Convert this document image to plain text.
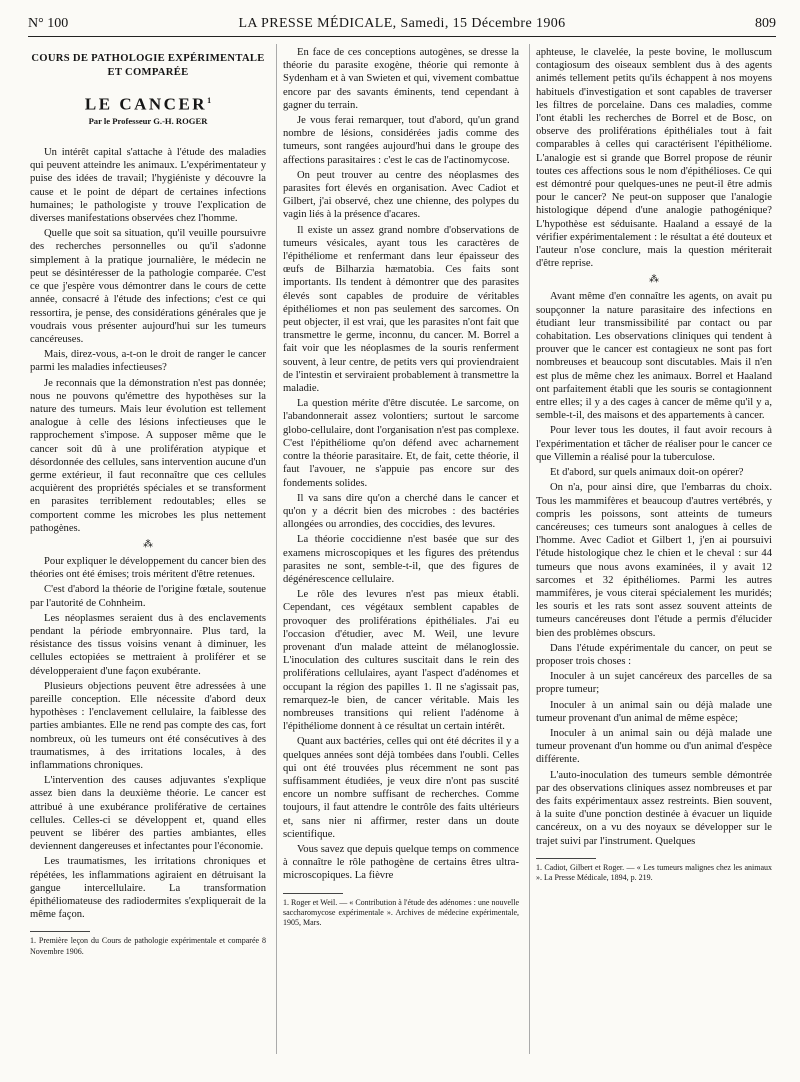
N° 100	LA PRESSE MÉDICALE, Samedi, 15 Décembre 1906	809
COURS DE PATHOLOGIE EXPÉRIMENTALE ET COMPARÉE
LE CANCER$^1$
Par le Professeur G.-H. ROGER

Un intérêt capital s'attache à l'étude des maladies qui peuvent atteindre les animaux. L'expérimentateur y puise des idées de travail; l'hygiéniste y découvre la cause et le point de départ de certaines infections humaines; le pathologiste y trouve l'explication de diverses manifestations observées chez l'homme.

Quelle que soit sa situation, qu'il veuille poursuivre des recherches personnelles ou qu'il s'adonne simplement à la pratique journalière, le médecin ne peut se désintéresser de la pathologie comparée. C'est ce que j'espère vous démontrer dans le cours de cette année, consacré à l'étude des infections; c'est ce qui ressortira, je pense, des considérations générales que je voudrais vous présenter aujourd'hui sur les tumeurs cancéreuses.

Mais, direz-vous, a-t-on le droit de ranger le cancer parmi les maladies infectieuses?

Je reconnais que la démonstration n'est pas donnée; nous ne pouvons qu'émettre des hypothèses sur la nature des tumeurs. Mais leur évolution est tellement analogue à celle des lésions infectieuses que le rapprochement s'impose. A supposer même que le cancer soit dû à une prolifération atypique et désordonnée des cellules, sans intervention aucune d'un germe extérieur, il faut reconnaître que ces cellules acquièrent des propriétés spéciales et se transforment en parasites terriblement redoutables; elles se comportent comme les microbes les plus nettement pathogènes.

⁂

Pour expliquer le développement du cancer bien des théories ont été émises; trois méritent d'être retenues.

C'est d'abord la théorie de l'origine fœtale, soutenue par l'autorité de Cohnheim.

Les néoplasmes seraient dus à des enclavements pendant la période embryonnaire. Plus tard, la résistance des tissus voisins venant à diminuer, les cellules ectopiées se mettraient à proliférer et se développeraient d'une façon exubérante.

Plusieurs objections peuvent être adressées à une pareille conception. Elle nécessite d'abord deux hypothèses : l'enclavement cellulaire, la faiblesse des parties ambiantes. Elle ne rend pas compte des cas, fort nombreux, où les tumeurs ont été consécutives à des traumatismes, à des irritations locales, à des inflammations chroniques.

L'intervention des causes adjuvantes s'explique assez bien dans la deuxième théorie. Le cancer est attribué à une exubérance proliférative de certaines cellules. Celles-ci se développent et, quand elles peuvent se libérer des parties ambiantes, elles deviennent dangereuses et infectantes pour l'économie.

Les traumatismes, les irritations chroniques et répétées, les inflammations agiraient en détruisant la gangue intercellulaire. La transformation épithéliomateuse des radiodermites s'expliquerait de la même façon.

1. Première leçon du Cours de pathologie expérimentale et comparée 8 Novembre 1906.

En face de ces conceptions autogènes, se dresse la théorie du parasite exogène, théorie qui remonte à Sydenham et à van Swieten et qui, vivement combattue encore par des savants éminents, tend cependant à gagner du terrain.

Je vous ferai remarquer, tout d'abord, qu'un grand nombre de lésions, considérées jadis comme des tumeurs, sont rangées aujourd'hui dans le groupe des affections parasitaires : c'est le cas de l'actinomycose.

On peut trouver au centre des néoplasmes des parasites fort élevés en organisation. Avec Cadiot et Gilbert, j'ai observé, chez une chienne, des polypes du vagin liés à la présence d'acares.

Il existe un assez grand nombre d'observations de tumeurs vésicales, ayant tous les caractères de l'épithéliome et renfermant dans leur épaisseur des œufs de Bilharzia hæmatobia. Ces faits sont importants. Ils tendent à démontrer que des parasites élevés sont capables de produire de véritables épithéliomes et non pas seulement des sarcomes. On peut objecter, il est vrai, que les parasites n'ont fait que transmettre le germe, inconnu, du cancer. M. Borrel a fait voir que les néoplasmes de la souris renferment souvent, à leur centre, de petits vers qui proviendraient de l'intestin et serviraient probablement à transmettre la maladie.

La question mérite d'être discutée. Le sarcome, on l'abandonnerait assez volontiers; surtout le sarcome globo-cellulaire, dont l'organisation n'est pas complexe. C'est l'épithéliome qu'on défend avec acharnement contre la théorie parasitaire. Et, de fait, cette théorie, il faut l'avouer, ne s'appuie pas encore sur des fondements solides.

Il va sans dire qu'on a cherché dans le cancer et qu'on y a décrit bien des microbes : des bactéries allongées ou arrondies, des coccidies, des levures.

La théorie coccidienne n'est basée que sur des examens microscopiques et les figures des prétendus parasites ne sont, semble-t-il, que des figures de dégénérescence cellulaire.

Le rôle des levures n'est pas mieux établi. Cependant, ces végétaux semblent capables de provoquer des proliférations épithéliales. J'ai eu l'occasion d'étudier, avec M. Weil, une levure provenant d'un malade atteint de mélanoglossie. L'inoculation des cultures suscitait dans le rein des proliférations cellulaires, ayant l'aspect d'adénomes et occupant la région des papilles 1. Il ne s'agissait pas, remarquez-le bien, de cancer véritable. Mais les nombreuses transitions qui relient l'adénome à l'épithéliome donnent à ce résultat un certain intérêt.

Quant aux bactéries, celles qui ont été décrites il y a quelques années sont déjà tombées dans l'oubli. Celles qui ont été trouvées plus récemment ne sont pas suffisamment étudiées, je veux dire n'ont pas suscité encore un nombre suffisant de recherches. Comme toujours, il faut attendre le contrôle des faits ultérieurs et, sans nier ni affirmer, rester dans un doute scientifique.

Vous savez que depuis quelque temps on commence à connaître le rôle pathogène de certains êtres ultra-microscopiques. La fièvre

1. Roger et Weil. — « Contribution à l'étude des adénomes : une nouvelle saccharomycose expérimentale ». Archives de médecine expérimentale, 1905, Mars.

aphteuse, le clavelée, la peste bovine, le molluscum contagiosum des oiseaux semblent dus à des agents animés tellement petits qu'ils échappent à nos moyens habituels d'investigation et sont capables de traverser les filtres de porcelaine. Dans ces maladies, comme l'ont établi les recherches de Borrel et de Bosc, on observe des proliférations épithéliales tout à fait comparables à celles qui caractérisent l'épithéliome. L'analogie est si grande que Borrel propose de réunir toutes ces affections sous le nom d'épithélioses. Ce qui est démontré pour quelques-unes ne peut-il être admis pour le cancer? Ne peut-on supposer que l'analogie histologique dépend d'une analogie pathogénique? L'hypothèse est séduisante. Haaland a essayé de la vérifier expérimentalement : le résultat a été douteux et l'auteur n'ose conclure, mais la question mériterait d'être reprise.

⁂

Avant même d'en connaître les agents, on avait pu soupçonner la nature parasitaire des infections en étudiant leur transmissibilité par contact ou par cohabitation. Les observations cliniques qui tendent à prouver que le cancer est contagieux ne sont pas fort nombreuses et beaucoup sont discutables. Mais il n'en est plus de même chez les animaux. Borrel et Haaland ont parfaitement établi que les souris se contagionnent entre elles; il y a des cages à cancer de même qu'il y a, semble-t-il, des maisons et des appartements à cancer.

Pour lever tous les doutes, il faut avoir recours à l'expérimentation et tâcher de réaliser pour le cancer ce que Villemin a réalisé pour la tuberculose.

Et d'abord, sur quels animaux doit-on opérer?

On n'a, pour ainsi dire, que l'embarras du choix. Tous les mammifères et beaucoup d'autres vertébrés, y compris les poissons, sont atteints de tumeurs cancéreuses; ces tumeurs sont analogues à celles de l'homme. Avec Cadiot et Gilbert 1, j'en ai poursuivi l'étude histologique chez le chien et le cheval : sur 44 tumeurs que nous avons examinées, il y avait 12 sarcomes et 32 épithéliomes. Parmi les autres mammifères, je vous citerai spécialement les muridés; les souris et les rats sont assez souvent atteints de tumeurs cancéreuses dont l'étude a permis d'élucider bien des problèmes obscurs.

Dans l'étude expérimentale du cancer, on peut se proposer trois choses :

Inoculer à un sujet cancéreux des parcelles de sa propre tumeur;

Inoculer à un animal sain ou déjà malade une tumeur provenant d'un animal de même espèce;

Inoculer à un animal sain ou déjà malade une tumeur provenant d'un homme ou d'un animal d'espèce différente.

L'auto-inoculation des tumeurs semble démontrée par des observations cliniques assez nombreuses et par des faits expérimentaux assez restreints. Bien souvent, à la suite d'une ponction destinée à évacuer un liquide cancéreux, on a vu des noyaux se développer sur le trajet suivi par l'instrument. Quelques

1. Cadiot, Gilbert et Roger. — « Les tumeurs malignes chez les animaux ». La Presse Médicale, 1894, p. 219.
